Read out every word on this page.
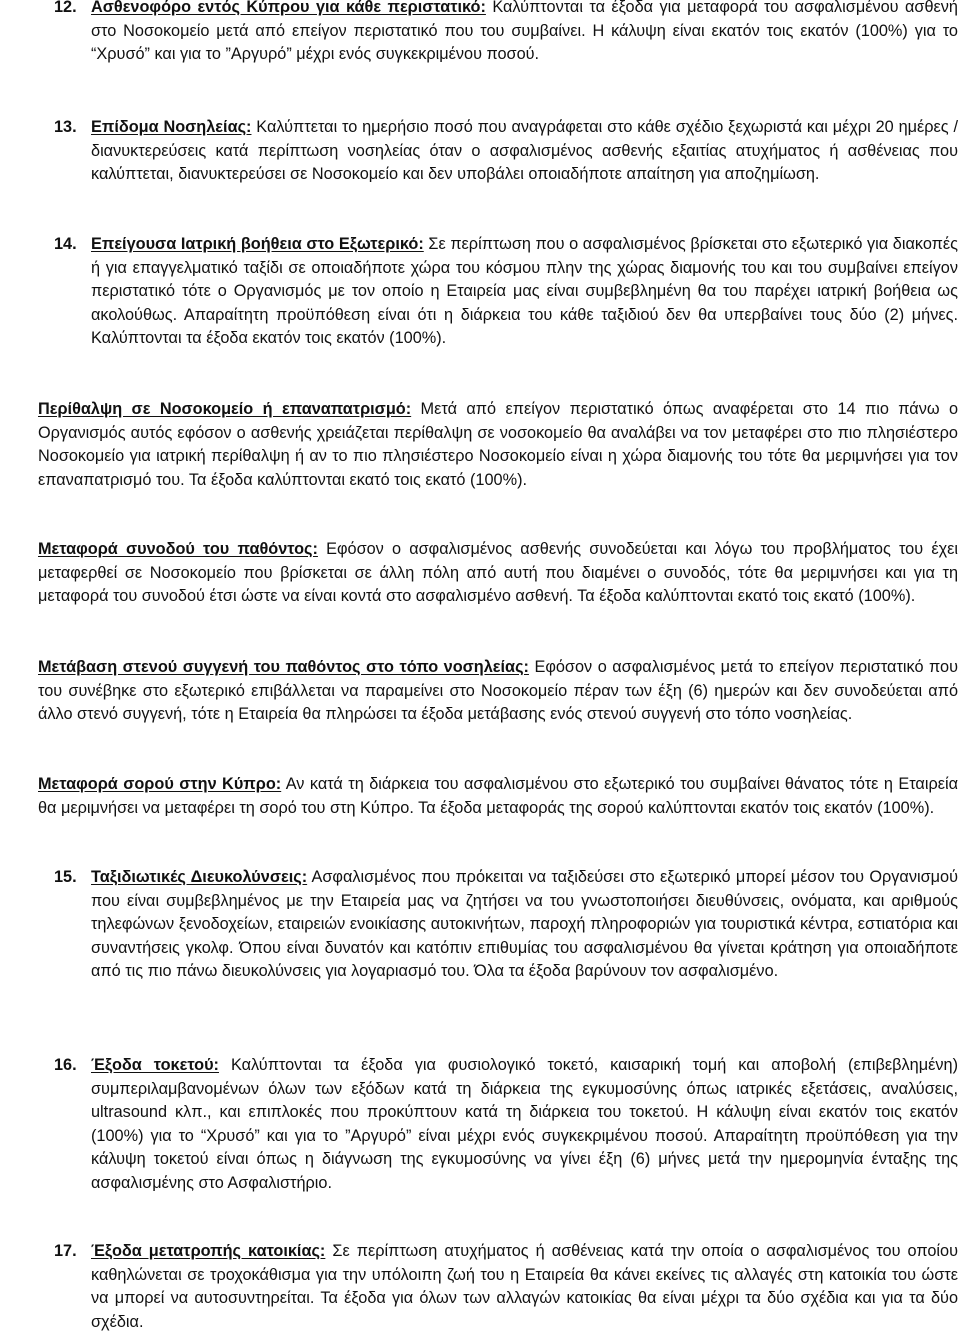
12. Ασθενοφόρο εντός Κύπρου για κάθε περιστατικό: Καλύπτονται τα έξοδα για μεταφορά του ασφαλισμένου ασθενή στο Νοσοκομείο μετά από επείγον περιστατικό που του συμβαίνει. Η κάλυψη είναι εκατόν τοις εκατόν (100%) για το “Χρυσό” και για το ”Αργυρό” μέχρι ενός συγκεκριμένου ποσού.
13. Επίδομα Νοσηλείας: Καλύπτεται το ημερήσιο ποσό που αναγράφεται στο κάθε σχέδιο ξεχωριστά και μέχρι 20 ημέρες / διανυκτερεύσεις κατά περίπτωση νοσηλείας όταν ο ασφαλισμένος ασθενής εξαιτίας ατυχήματος ή ασθένειας που καλύπτεται, διανυκτερεύσει σε Νοσοκομείο και δεν υποβάλει οποιαδήποτε απαίτηση για αποζημίωση.
14. Επείγουσα Ιατρική βοήθεια στο Εξωτερικό: Σε περίπτωση που ο ασφαλισμένος βρίσκεται στο εξωτερικό για διακοπές ή για επαγγελματικό ταξίδι σε οποιαδήποτε χώρα του κόσμου πλην της χώρας διαμονής του και του συμβαίνει επείγον περιστατικό τότε ο Οργανισμός με τον οποίο η Εταιρεία μας είναι συμβεβλημένη θα του παρέχει ιατρική βοήθεια ως ακολούθως. Απαραίτητη προϋπόθεση είναι ότι η διάρκεια του κάθε ταξιδιού δεν θα υπερβαίνει τους δύο (2) μήνες. Καλύπτονται τα έξοδα εκατόν τοις εκατόν (100%).
Περίθαλψη σε Νοσοκομείο ή επαναπατρισμό: Μετά από επείγον περιστατικό όπως αναφέρεται στο 14 πιο πάνω ο Οργανισμός αυτός εφόσον ο ασθενής χρειάζεται περίθαλψη σε νοσοκομείο θα αναλάβει να τον μεταφέρει στο πιο πλησιέστερο Νοσοκομείο για ιατρική περίθαλψη ή αν το πιο πλησιέστερο Νοσοκομείο είναι η χώρα διαμονής του τότε θα μεριμνήσει για τον επαναπατρισμό του. Τα έξοδα καλύπτονται εκατό τοις εκατό (100%).
Μεταφορά συνοδού του παθόντος: Εφόσον ο ασφαλισμένος ασθενής συνοδεύεται και λόγω του προβλήματος του έχει μεταφερθεί σε Νοσοκομείο που βρίσκεται σε άλλη πόλη από αυτή που διαμένει ο συνοδός, τότε θα μεριμνήσει και για τη μεταφορά του συνοδού έτσι ώστε να είναι κοντά στο ασφαλισμένο ασθενή. Τα έξοδα καλύπτονται εκατό τοις εκατό (100%).
Μετάβαση στενού συγγενή του παθόντος στο τόπο νοσηλείας: Εφόσον ο ασφαλισμένος μετά το επείγον περιστατικό που του συνέβηκε στο εξωτερικό επιβάλλεται να παραμείνει στο Νοσοκομείο πέραν των έξη (6) ημερών και δεν συνοδεύεται από άλλο στενό συγγενή, τότε η Εταιρεία θα πληρώσει τα έξοδα μετάβασης ενός στενού συγγενή στο τόπο νοσηλείας.
Μεταφορά σορού στην Κύπρο: Αν κατά τη διάρκεια του ασφαλισμένου στο εξωτερικό του συμβαίνει θάνατος τότε η Εταιρεία θα μεριμνήσει να μεταφέρει τη σορό του στη Κύπρο. Τα έξοδα μεταφοράς της σορού καλύπτονται εκατόν τοις εκατόν (100%).
15. Ταξιδιωτικές Διευκολύνσεις: Ασφαλισμένος που πρόκειται να ταξιδεύσει στο εξωτερικό μπορεί μέσον του Οργανισμού που είναι συμβεβλημένος με την Εταιρεία μας να ζητήσει να του γνωστοποιήσει διευθύνσεις, ονόματα, και αριθμούς τηλεφώνων ξενοδοχείων, εταιρειών ενοικίασης αυτοκινήτων, παροχή πληροφοριών για τουριστικά κέντρα, εστιατόρια και συναντήσεις γκολφ. Όπου είναι δυνατόν και κατόπιν επιθυμίας του ασφαλισμένου θα γίνεται κράτηση για οποιαδήποτε από τις πιο πάνω διευκολύνσεις για λογαριασμό του. Όλα τα έξοδα βαρύνουν τον ασφαλισμένο.
16. Έξοδα τοκετού: Καλύπτονται τα έξοδα για φυσιολογικό τοκετό, καισαρική τομή και αποβολή (επιβεβλημένη) συμπεριλαμβανομένων όλων των εξόδων κατά τη διάρκεια της εγκυμοσύνης όπως ιατρικές εξετάσεις, αναλύσεις, ultrasound κλπ., και επιπλοκές που προκύπτουν κατά τη διάρκεια του τοκετού. Η κάλυψη είναι εκατόν τοις εκατόν (100%) για το “Χρυσό” και για το ”Αργυρό” είναι μέχρι ενός συγκεκριμένου ποσού. Απαραίτητη προϋπόθεση για την κάλυψη τοκετού είναι όπως η διάγνωση της εγκυμοσύνης να γίνει έξη (6) μήνες μετά την ημερομηνία ένταξης της ασφαλισμένης στο Ασφαλιστήριο.
17. Έξοδα μετατροπής κατοικίας: Σε περίπτωση ατυχήματος ή ασθένειας κατά την οποία ο ασφαλισμένος του οποίου καθηλώνεται σε τροχοκάθισμα για την υπόλοιπη ζωή του η Εταιρεία θα κάνει εκείνες τις αλλαγές στη κατοικία του ώστε να μπορεί να αυτοσυντηρείται. Τα έξοδα για όλων των αλλαγών κατοικίας θα είναι μέχρι τα δύο σχέδια και για τα δύο σχέδια.
